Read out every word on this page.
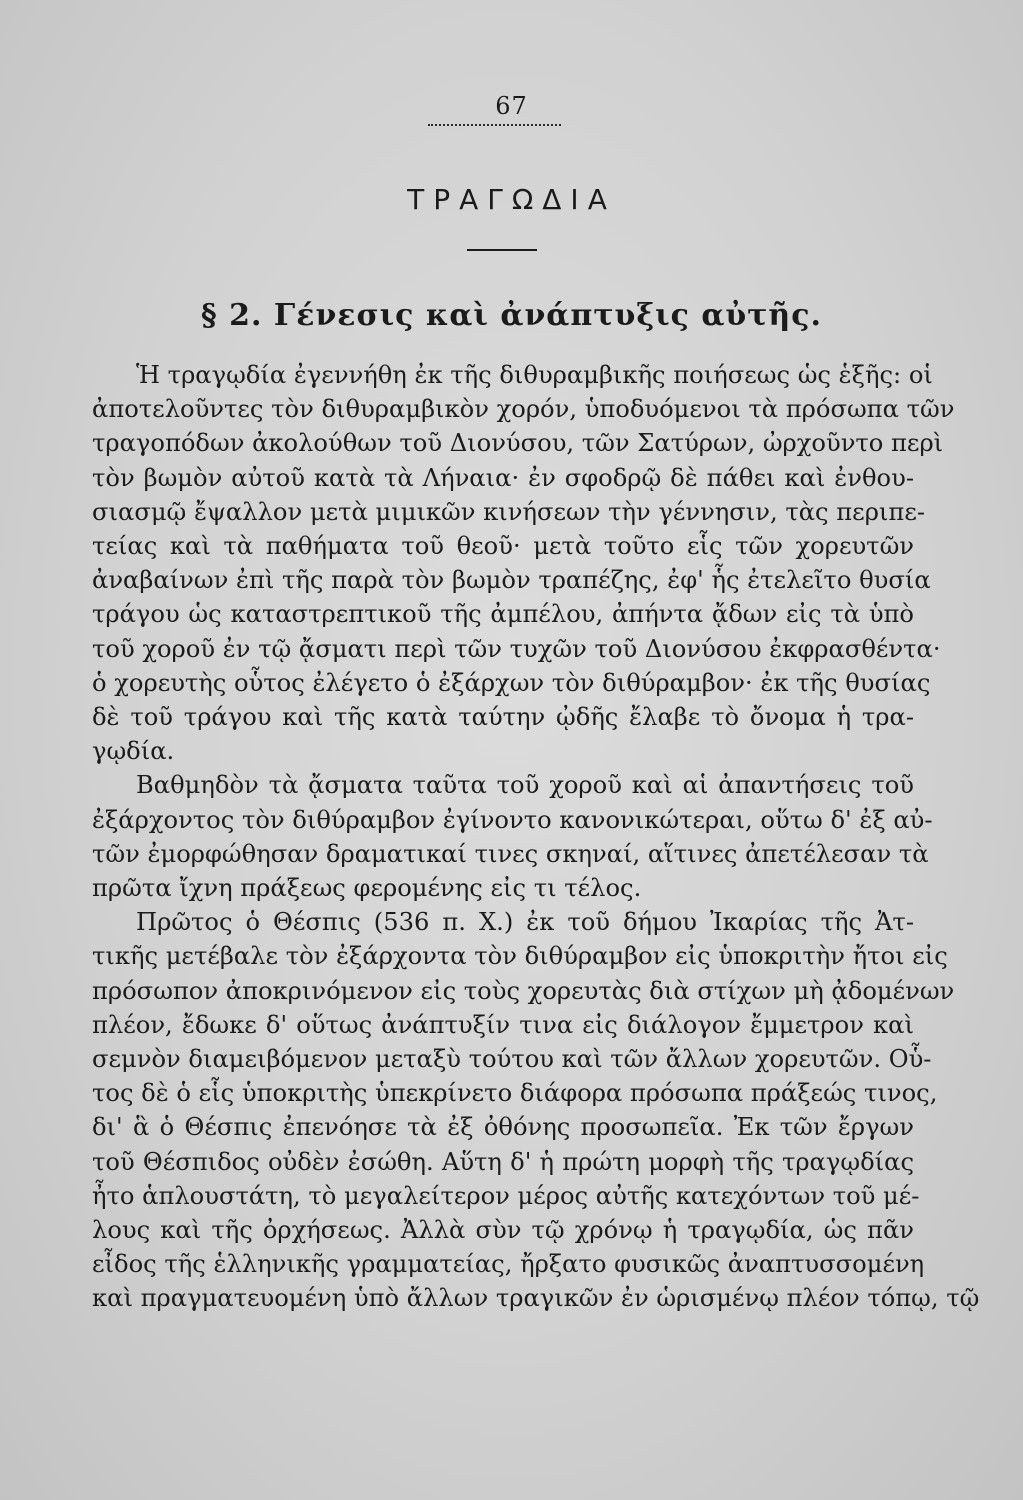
67
ΤΡΑΓΩΔΙΑ
§ 2. Γένεσις καὶ ἀνάπτυξις αὐτῆς.
Ἡ τραγῳδία ἐγεννήθη ἐκ τῆς διθυραμβικῆς ποιήσεως ὡς ἑξῆς: οἱ
ἀποτελοῦντες τὸν διθυραμβικὸν χορόν, ὑποδυόμενοι τὰ πρόσωπα τῶν
τραγοπόδων ἀκολούθων τοῦ Διονύσου, τῶν Σατύρων, ὠρχοῦντο περὶ
τὸν βωμὸν αὐτοῦ κατὰ τὰ Λήναια· ἐν σφοδρῷ δὲ πάθει καὶ ἐνθου-
σιασμῷ ἔψαλλον μετὰ μιμικῶν κινήσεων τὴν γέννησιν, τὰς περιπε-
τείας καὶ τὰ παθήματα τοῦ θεοῦ· μετὰ τοῦτο εἷς τῶν χορευτῶν
ἀναβαίνων ἐπὶ τῆς παρὰ τὸν βωμὸν τραπέζης, ἐφ' ἧς ἐτελεῖτο θυσία
τράγου ὡς καταστρεπτικοῦ τῆς ἀμπέλου, ἀπήντα ᾄδων εἰς τὰ ὑπὸ
τοῦ χοροῦ ἐν τῷ ᾄσματι περὶ τῶν τυχῶν τοῦ Διονύσου ἐκφρασθέντα·
ὁ χορευτὴς οὗτος ἐλέγετο ὁ ἐξάρχων τὸν διθύραμβον· ἐκ τῆς θυσίας
δὲ τοῦ τράγου καὶ τῆς κατὰ ταύτην ᾠδῆς ἔλαβε τὸ ὄνομα ἡ τρα-
γῳδία.
Βαθμηδὸν τὰ ᾄσματα ταῦτα τοῦ χοροῦ καὶ αἱ ἀπαντήσεις τοῦ
ἐξάρχοντος τὸν διθύραμβον ἐγίνοντο κανονικώτεραι, οὕτω δ' ἐξ αὐ-
τῶν ἐμορφώθησαν δραματικαί τινες σκηναί, αἵτινες ἀπετέλεσαν τὰ
πρῶτα ἴχνη πράξεως φερομένης εἰς τι τέλος.
Πρῶτος ὁ Θέσπις (536 π. Χ.) ἐκ τοῦ δήμου Ἰκαρίας τῆς Ἀτ-
τικῆς μετέβαλε τὸν ἐξάρχοντα τὸν διθύραμβον εἰς ὑποκριτὴν ἤτοι εἰς
πρόσωπον ἀποκρινόμενον εἰς τοὺς χορευτὰς διὰ στίχων μὴ ᾀδομένων
πλέον, ἔδωκε δ' οὕτως ἀνάπτυξίν τινα εἰς διάλογον ἔμμετρον καὶ
σεμνὸν διαμειβόμενον μεταξὺ τούτου καὶ τῶν ἄλλων χορευτῶν. Οὗ-
τος δὲ ὁ εἷς ὑποκριτὴς ὑπεκρίνετο διάφορα πρόσωπα πράξεώς τινος,
δι' ἃ ὁ Θέσπις ἐπενόησε τὰ ἐξ ὀθόνης προσωπεῖα. Ἐκ τῶν ἔργων
τοῦ Θέσπιδος οὐδὲν ἐσώθη. Αὕτη δ' ἡ πρώτη μορφὴ τῆς τραγῳδίας
ἦτο ἁπλουστάτη, τὸ μεγαλείτερον μέρος αὐτῆς κατεχόντων τοῦ μέ-
λους καὶ τῆς ὀρχήσεως. Ἀλλὰ σὺν τῷ χρόνῳ ἡ τραγῳδία, ὡς πᾶν
εἶδος τῆς ἑλληνικῆς γραμματείας, ἤρξατο φυσικῶς ἀναπτυσσομένη
καὶ πραγματευομένη ὑπὸ ἄλλων τραγικῶν ἐν ὡρισμένῳ πλέον τόπῳ, τῷ
